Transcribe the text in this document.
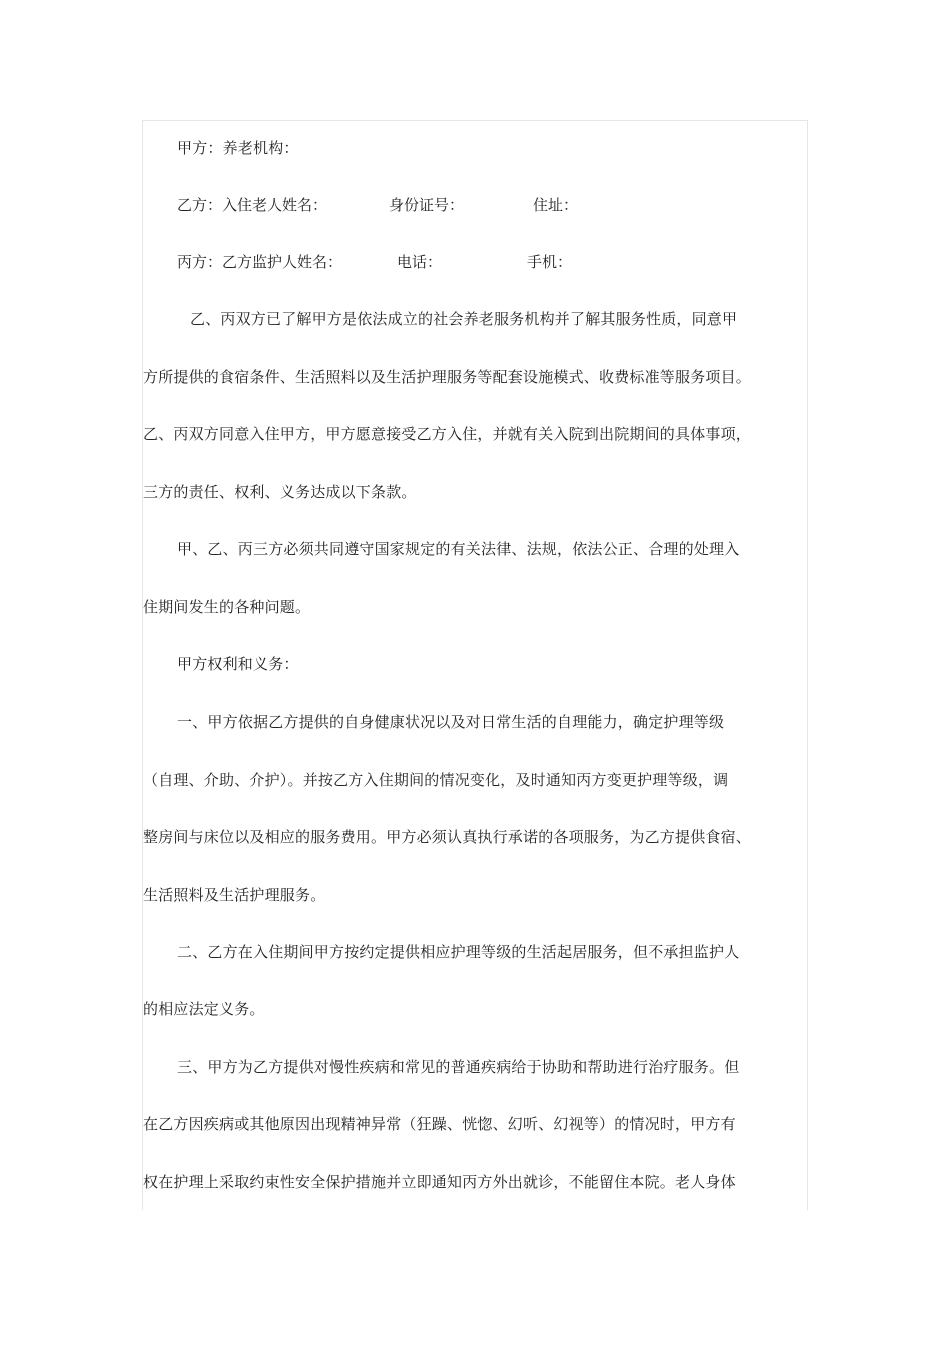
甲方：养老机构：
乙方：入住老人姓名：	身份证号：	住址：
丙方：乙方监护人姓名：	电话：	手机：
乙、丙双方已了解甲方是依法成立的社会养老服务机构并了解其服务性质，同意甲
方所提供的食宿条件、生活照料以及生活护理服务等配套设施模式、收费标准等服务项目。
乙、丙双方同意入住甲方，甲方愿意接受乙方入住，并就有关入院到出院期间的具体事项，
三方的责任、权利、义务达成以下条款。
甲、乙、丙三方必须共同遵守国家规定的有关法律、法规，依法公正、合理的处理入
住期间发生的各种问题。
甲方权利和义务：
一、甲方依据乙方提供的自身健康状况以及对日常生活的自理能力，确定护理等级
（自理、介助、介护）。并按乙方入住期间的情况变化，及时通知丙方变更护理等级，调
整房间与床位以及相应的服务费用。甲方必须认真执行承诺的各项服务，为乙方提供食宿、
生活照料及生活护理服务。
二、乙方在入住期间甲方按约定提供相应护理等级的生活起居服务，但不承担监护人
的相应法定义务。
三、甲方为乙方提供对慢性疾病和常见的普通疾病给于协助和帮助进行治疗服务。但
在乙方因疾病或其他原因出现精神异常（狂躁、恍惚、幻听、幻视等）的情况时，甲方有
权在护理上采取约束性安全保护措施并立即通知丙方外出就诊，不能留住本院。老人身体
